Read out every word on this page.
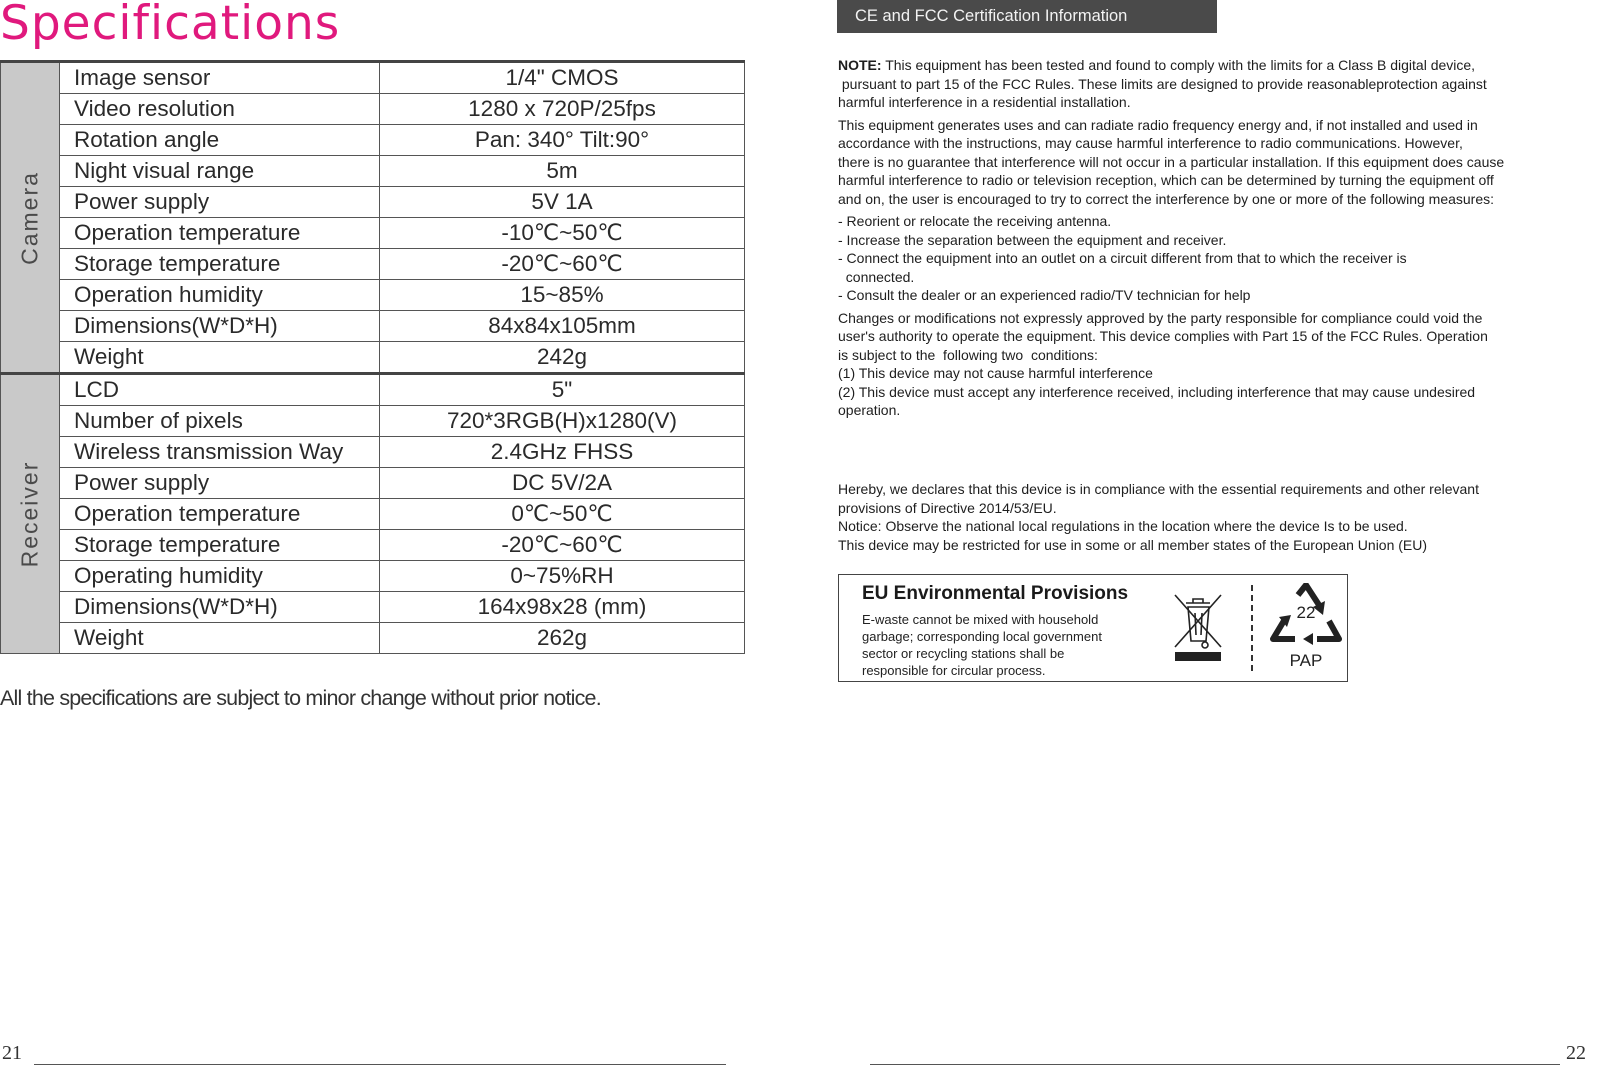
Specifications
Camera	Image sensor	1/4" CMOS
	Video resolution	1280 x 720P/25fps
	Rotation angle	Pan: 340° Tilt:90°
	Night visual range	5m
	Power supply	5V 1A
	Operation temperature	-10℃~50℃
	Storage temperature	-20℃~60℃
	Operation humidity	15~85%
	Dimensions(W*D*H)	84x84x105mm
	Weight	242g

Receiver	LCD	5"
	Number of pixels	720*3RGB(H)x1280(V)
	Wireless transmission Way	2.4GHz FHSS
	Power supply	DC 5V/2A
	Operation temperature	0℃~50℃
	Storage temperature	-20℃~60℃
	Operating humidity	0~75%RH
	Dimensions(W*D*H)	164x98x28 (mm)
	Weight	262g
All the specifications are subject to minor change without prior notice.
21
CE and FCC Certification Information

NOTE: This equipment has been tested and found to comply with the limits for a Class B digital device,

pursuant to part 15 of the FCC Rules. These limits are designed to provide reasonableprotection against

harmful interference in a residential installation.

This equipment generates uses and can radiate radio frequency energy and, if not installed and used in

accordance with the instructions, may cause harmful interference to radio communications. However,

there is no guarantee that interference will not occur in a particular installation. If this equipment does cause

harmful interference to radio or television reception, which can be determined by turning the equipment off

and on, the user is encouraged to try to correct the interference by one or more of the following measures:

- Reorient or relocate the receiving antenna.

- Increase the separation between the equipment and receiver.

- Connect the equipment into an outlet on a circuit different from that to which the receiver is

connected.

- Consult the dealer or an experienced radio/TV technician for help

Changes or modifications not expressly approved by the party responsible for compliance could void the

user's authority to operate the equipment. This device complies with Part 15 of the FCC Rules. Operation

is subject to the  following two  conditions:

(1) This device may not cause harmful interference

(2) This device must accept any interference received, including interference that may cause undesired

operation.

Hereby, we declares that this device is in compliance with the essential requirements and other relevant

provisions of Directive 2014/53/EU.

Notice: Observe the national local regulations in the location where the device Is to be used.

This device may be restricted for use in some or all member states of the European Union (EU)

EU Environmental Provisions
E-waste cannot be mixed with household
garbage; corresponding local government
sector or recycling stations shall be
responsible for circular process.
22
PAP
22
